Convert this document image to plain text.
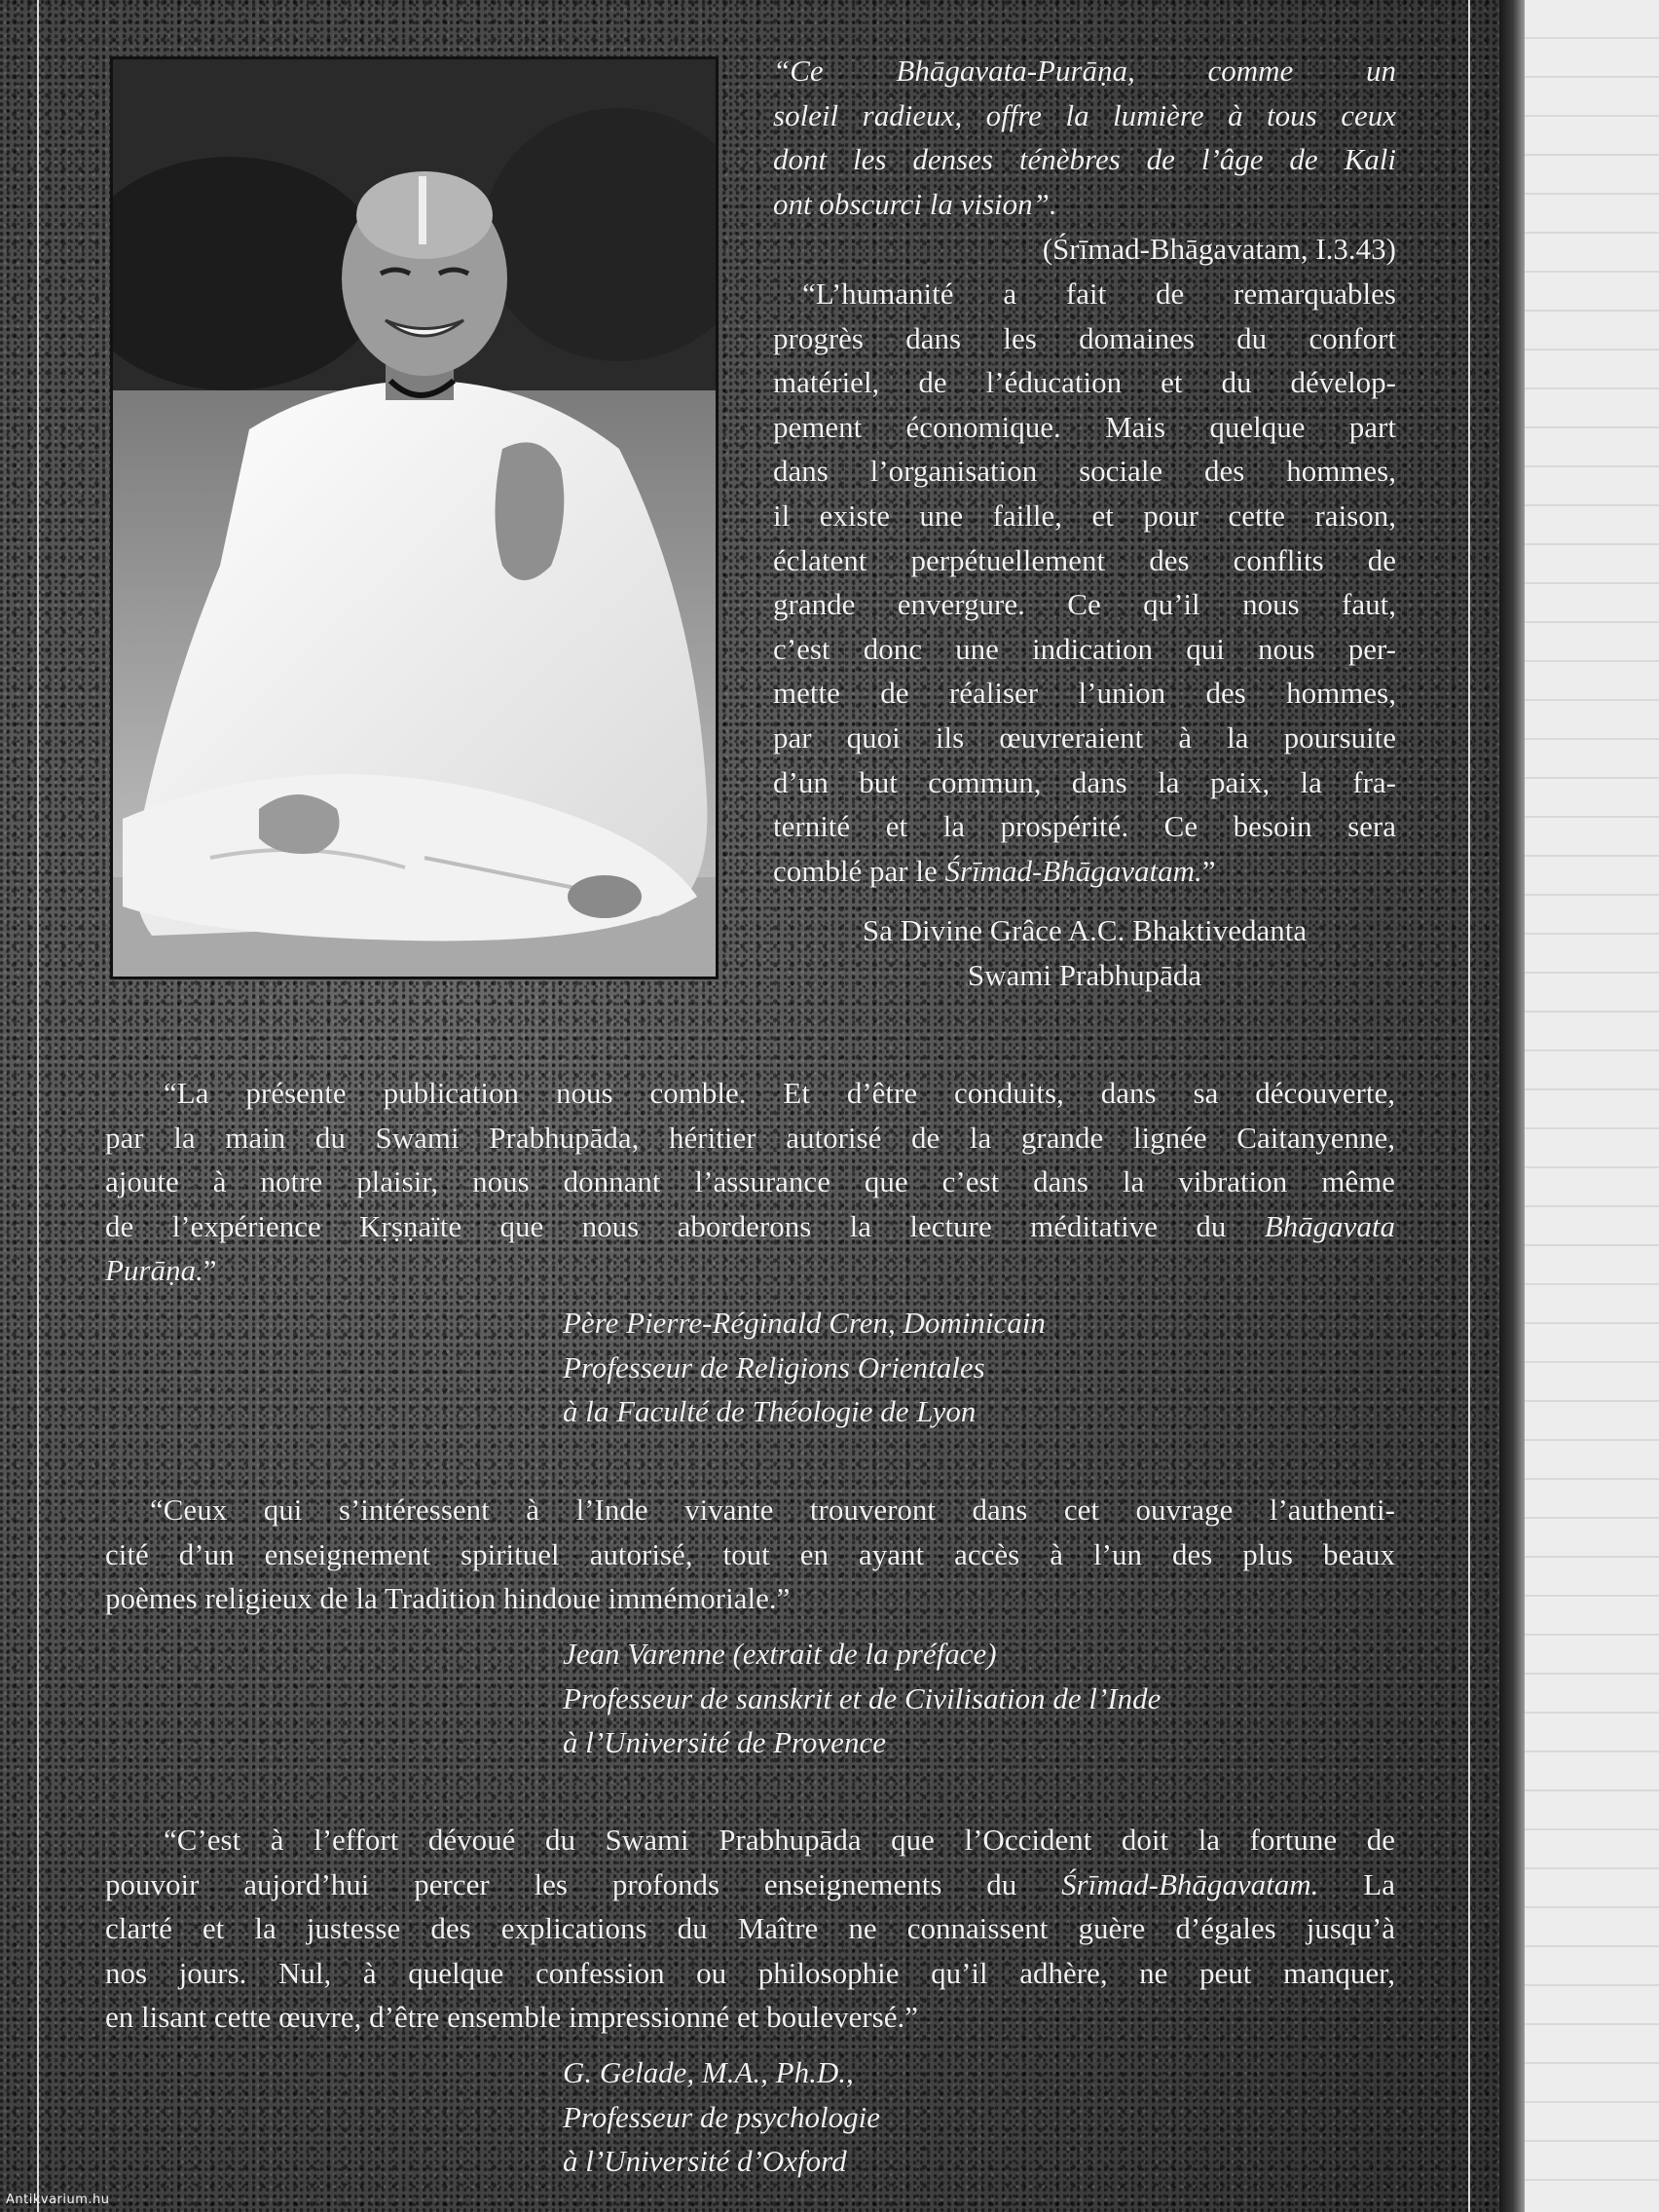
“Ce Bhāgavata-Purāṇa, comme un
soleil radieux, offre la lumière à tous ceux
dont les denses ténèbres de l’âge de Kali
ont obscurci la vision”.
(Śrīmad-Bhāgavatam, I.3.43)
“L’humanité a fait de remarquables
progrès dans les domaines du confort
matériel, de l’éducation et du dévelop-
pement économique. Mais quelque part
dans l’organisation sociale des hommes,
il existe une faille, et pour cette raison,
éclatent perpétuellement des conflits de
grande envergure. Ce qu’il nous faut,
c’est donc une indication qui nous per-
mette de réaliser l’union des hommes,
par quoi ils œuvreraient à la poursuite
d’un but commun, dans la paix, la fra-
ternité et la prospérité. Ce besoin sera
comblé par le Śrīmad-Bhāgavatam.”
Sa Divine Grâce A.C. Bhaktivedanta
Swami Prabhupāda
“La présente publication nous comble. Et d’être conduits, dans sa découverte,
par la main du Swami Prabhupāda, héritier autorisé de la grande lignée Caitanyenne,
ajoute à notre plaisir, nous donnant l’assurance que c’est dans la vibration même
de l’expérience Kṛṣṇaïte que nous aborderons la lecture méditative du Bhāgavata
Purāṇa.”
Père Pierre-Réginald Cren, Dominicain
Professeur de Religions Orientales
à la Faculté de Théologie de Lyon
“Ceux qui s’intéressent à l’Inde vivante trouveront dans cet ouvrage l’authenti-
cité d’un enseignement spirituel autorisé, tout en ayant accès à l’un des plus beaux
poèmes religieux de la Tradition hindoue immémoriale.”
Jean Varenne (extrait de la préface)
Professeur de sanskrit et de Civilisation de l’Inde
à l’Université de Provence
“C’est à l’effort dévoué du Swami Prabhupāda que l’Occident doit la fortune de
pouvoir aujord’hui percer les profonds enseignements du Śrīmad-Bhāgavatam. La
clarté et la justesse des explications du Maître ne connaissent guère d’égales jusqu’à
nos jours. Nul, à quelque confession ou philosophie qu’il adhère, ne peut manquer,
en lisant cette œuvre, d’être ensemble impressionné et bouleversé.”
G. Gelade, M.A., Ph.D.,
Professeur de psychologie
à l’Université d’Oxford
Antikvarium.hu
